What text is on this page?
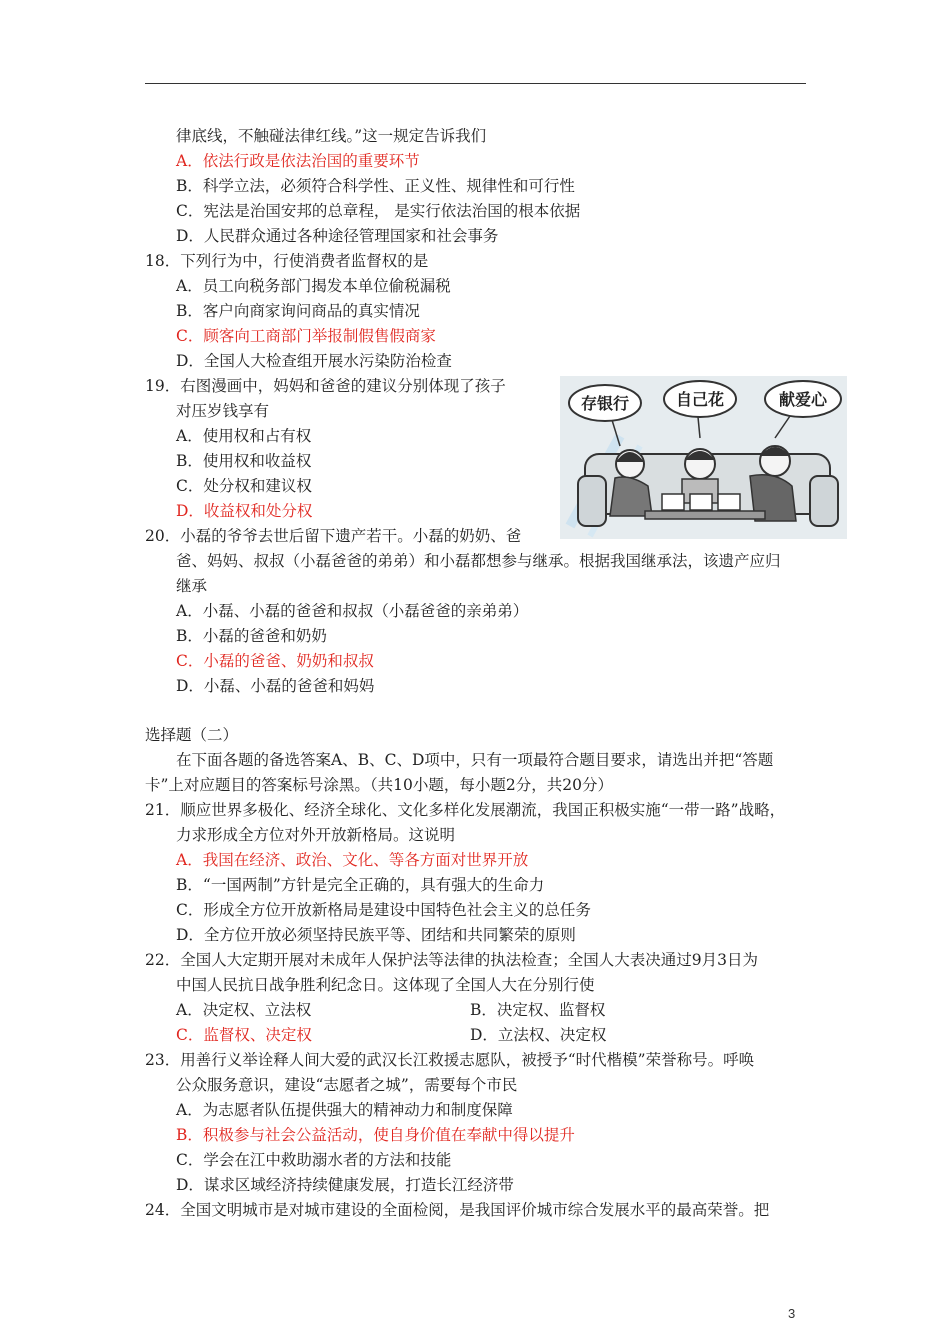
律底线，不触碰法律红线。”这一规定告诉我们
A．依法行政是依法治国的重要环节
B．科学立法，必须符合科学性、正义性、规律性和可行性
C．宪法是治国安邦的总章程， 是实行依法治国的根本依据
D．人民群众通过各种途径管理国家和社会事务
18．下列行为中，行使消费者监督权的是
A．员工向税务部门揭发本单位偷税漏税
B．客户向商家询问商品的真实情况
C．顾客向工商部门举报制假售假商家
D．全国人大检查组开展水污染防治检查
19．右图漫画中，妈妈和爸爸的建议分别体现了孩子
对压岁钱享有
A．使用权和占有权
B．使用权和收益权
C．处分权和建议权
D．收益权和处分权
存银行	自己花	献爱心
20．小磊的爷爷去世后留下遗产若干。小磊的奶奶、爸
爸、妈妈、叔叔（小磊爸爸的弟弟）和小磊都想参与继承。根据我国继承法，该遗产应归
继承
A．小磊、小磊的爸爸和叔叔（小磊爸爸的亲弟弟）
B．小磊的爸爸和奶奶
C．小磊的爸爸、奶奶和叔叔
D．小磊、小磊的爸爸和妈妈
选择题（二）
在下面各题的备选答案A、B、C、D项中，只有一项最符合题目要求，请选出并把“答题
卡”上对应题目的答案标号涂黑。（共10小题，每小题2分，共20分）
21．顺应世界多极化、经济全球化、文化多样化发展潮流，我国正积极实施“一带一路”战略，
力求形成全方位对外开放新格局。这说明
A．我国在经济、政治、文化、等各方面对世界开放
B．“一国两制”方针是完全正确的，具有强大的生命力
C．形成全方位开放新格局是建设中国特色社会主义的总任务
D．全方位开放必须坚持民族平等、团结和共同繁荣的原则
22．全国人大定期开展对未成年人保护法等法律的执法检查；全国人大表决通过9月3日为
中国人民抗日战争胜利纪念日。这体现了全国人大在分别行使
A．决定权、立法权	B．决定权、监督权
C．监督权、决定权	D．立法权、决定权
23．用善行义举诠释人间大爱的武汉长江救援志愿队，被授予“时代楷模”荣誉称号。呼唤
公众服务意识，建设“志愿者之城”，需要每个市民
A．为志愿者队伍提供强大的精神动力和制度保障
B．积极参与社会公益活动，使自身价值在奉献中得以提升
C．学会在江中救助溺水者的方法和技能
D．谋求区域经济持续健康发展，打造长江经济带
24．全国文明城市是对城市建设的全面检阅，是我国评价城市综合发展水平的最高荣誉。把
3
